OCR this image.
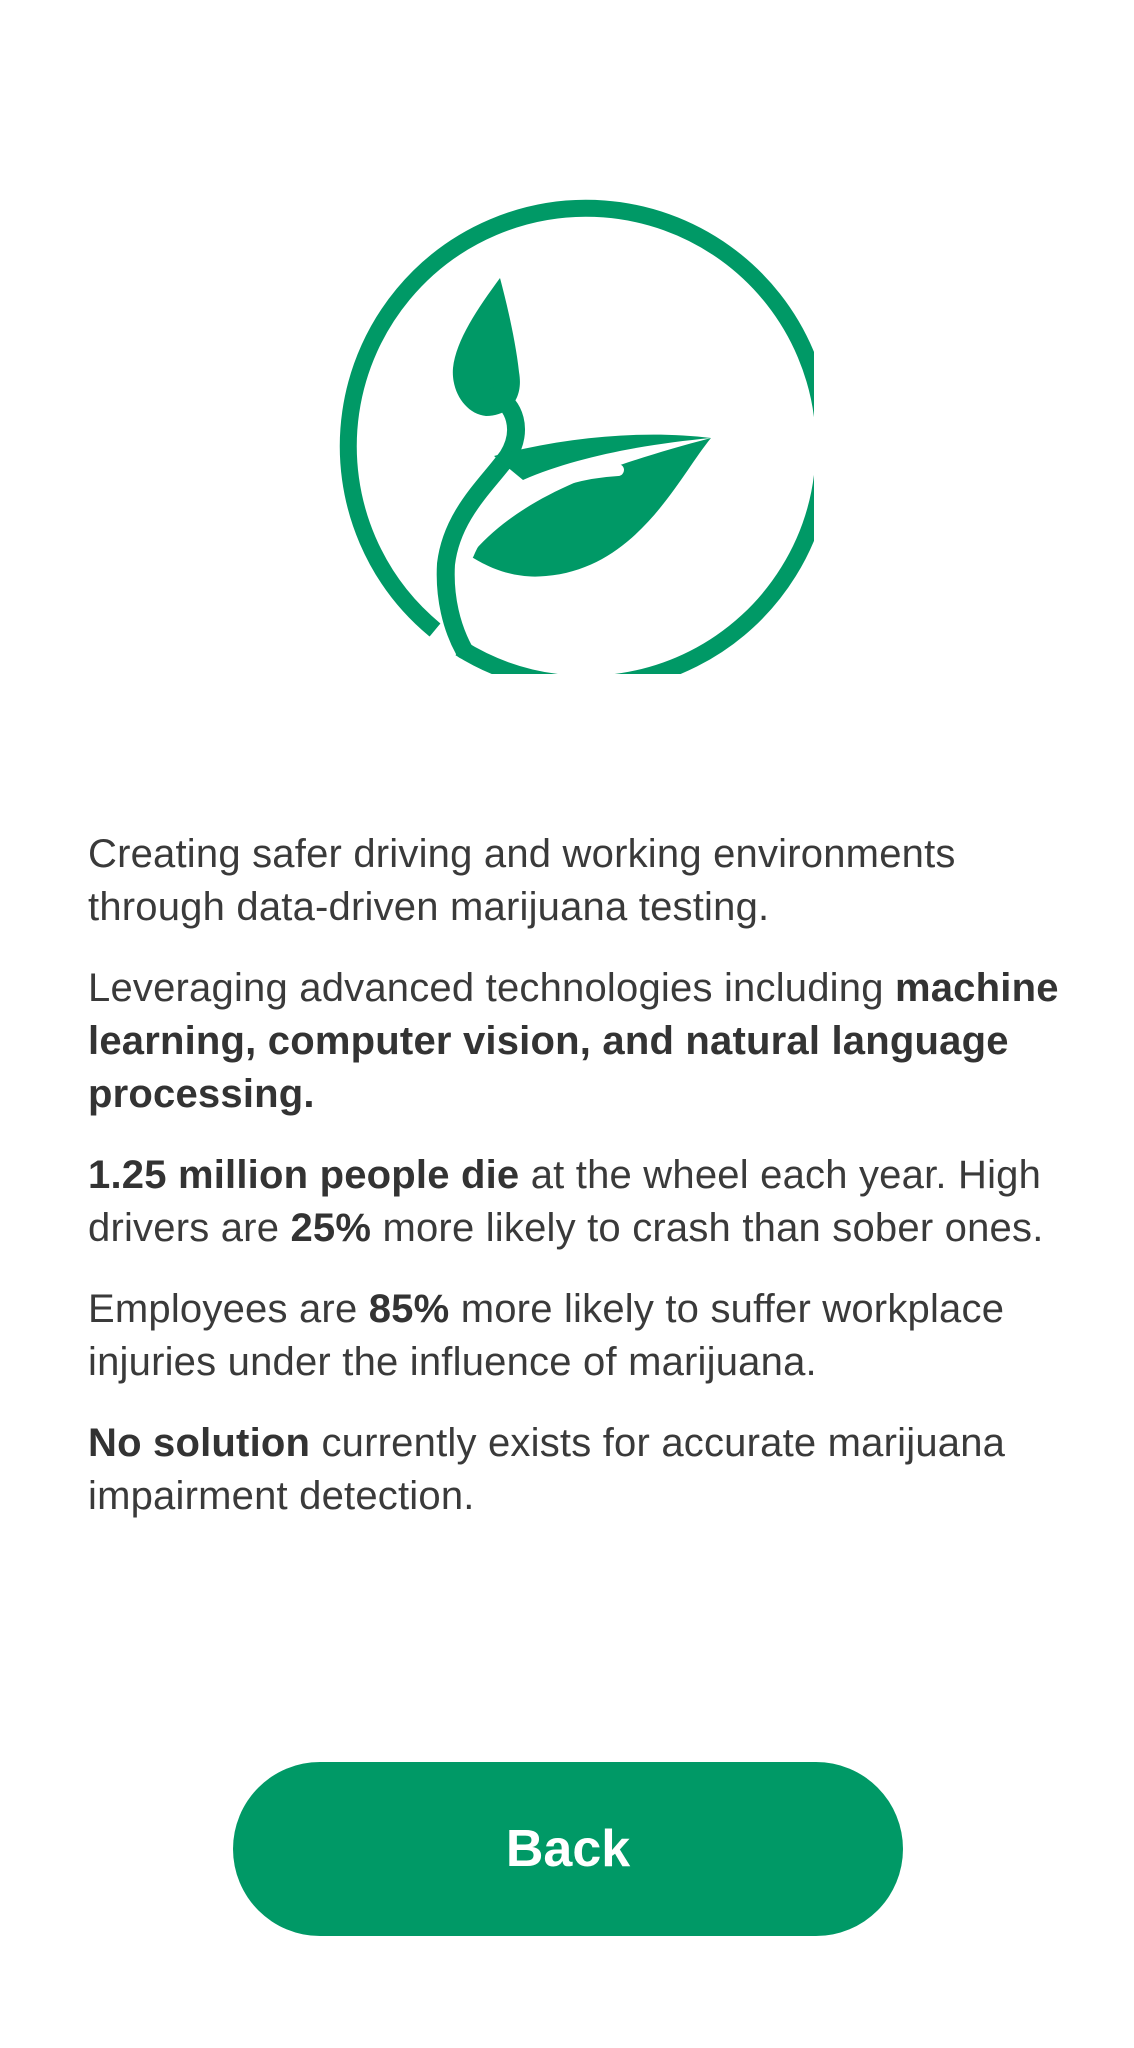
Creating safer driving and working environments through data-driven marijuana testing.

Leveraging advanced technologies including machine learning, computer vision, and natural language processing.

1.25 million people die at the wheel each year. High drivers are 25% more likely to crash than sober ones.

Employees are 85% more likely to suffer workplace injuries under the influence of marijuana.

No solution currently exists for accurate marijuana impairment detection.

Back
